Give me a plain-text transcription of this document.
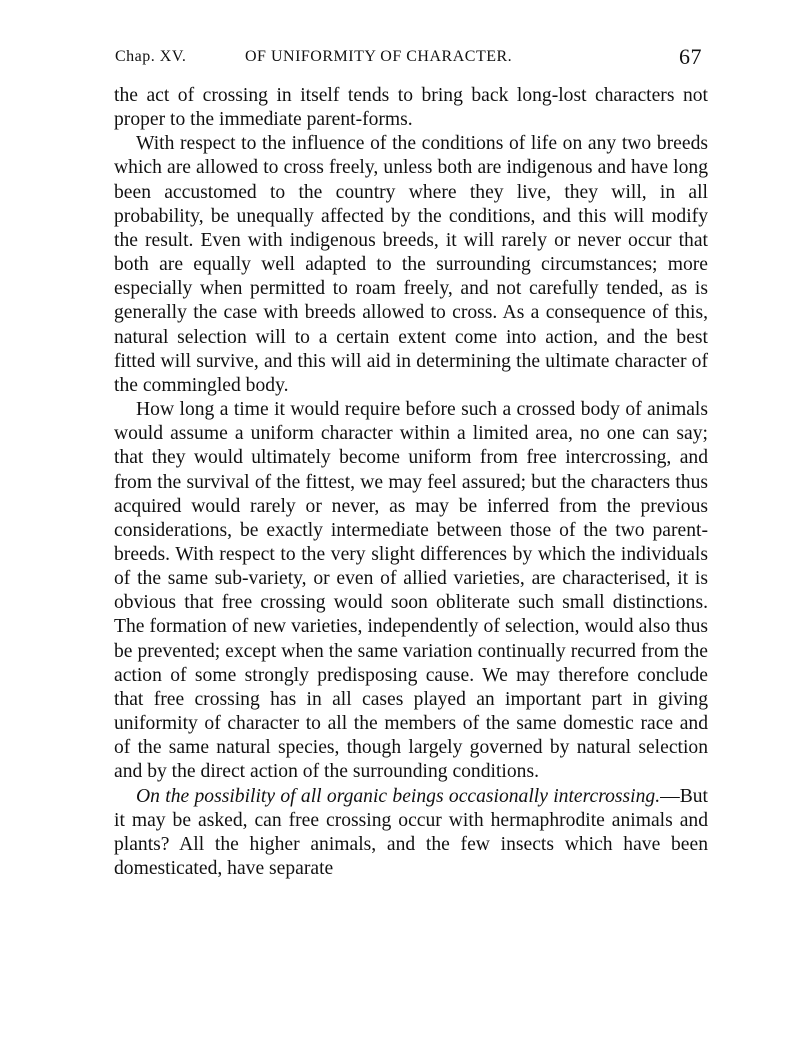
Chap. XV.	OF UNIFORMITY OF CHARACTER.	67

the act of crossing in itself tends to bring back long-lost characters not proper to the immediate parent-forms.

With respect to the influence of the conditions of life on any two breeds which are allowed to cross freely, unless both are indigenous and have long been accustomed to the country where they live, they will, in all probability, be unequally affected by the conditions, and this will modify the result. Even with indigenous breeds, it will rarely or never occur that both are equally well adapted to the surrounding circumstances; more especially when permitted to roam freely, and not carefully tended, as is generally the case with breeds allowed to cross. As a consequence of this, natural selection will to a certain extent come into action, and the best fitted will survive, and this will aid in determining the ultimate character of the commingled body.

How long a time it would require before such a crossed body of animals would assume a uniform character within a limited area, no one can say; that they would ultimately become uniform from free intercrossing, and from the survival of the fittest, we may feel assured; but the characters thus acquired would rarely or never, as may be inferred from the previous considerations, be exactly intermediate between those of the two parent-breeds. With respect to the very slight differences by which the individuals of the same sub-variety, or even of allied varieties, are characterised, it is obvious that free crossing would soon obliterate such small distinctions. The formation of new varieties, independently of selection, would also thus be prevented; except when the same variation continually recurred from the action of some strongly predisposing cause. We may therefore conclude that free crossing has in all cases played an important part in giving uniformity of character to all the members of the same domestic race and of the same natural species, though largely governed by natural selection and by the direct action of the surrounding conditions.

On the possibility of all organic beings occasionally intercrossing.—But it may be asked, can free crossing occur with hermaphrodite animals and plants? All the higher animals, and the few insects which have been domesticated, have separate
